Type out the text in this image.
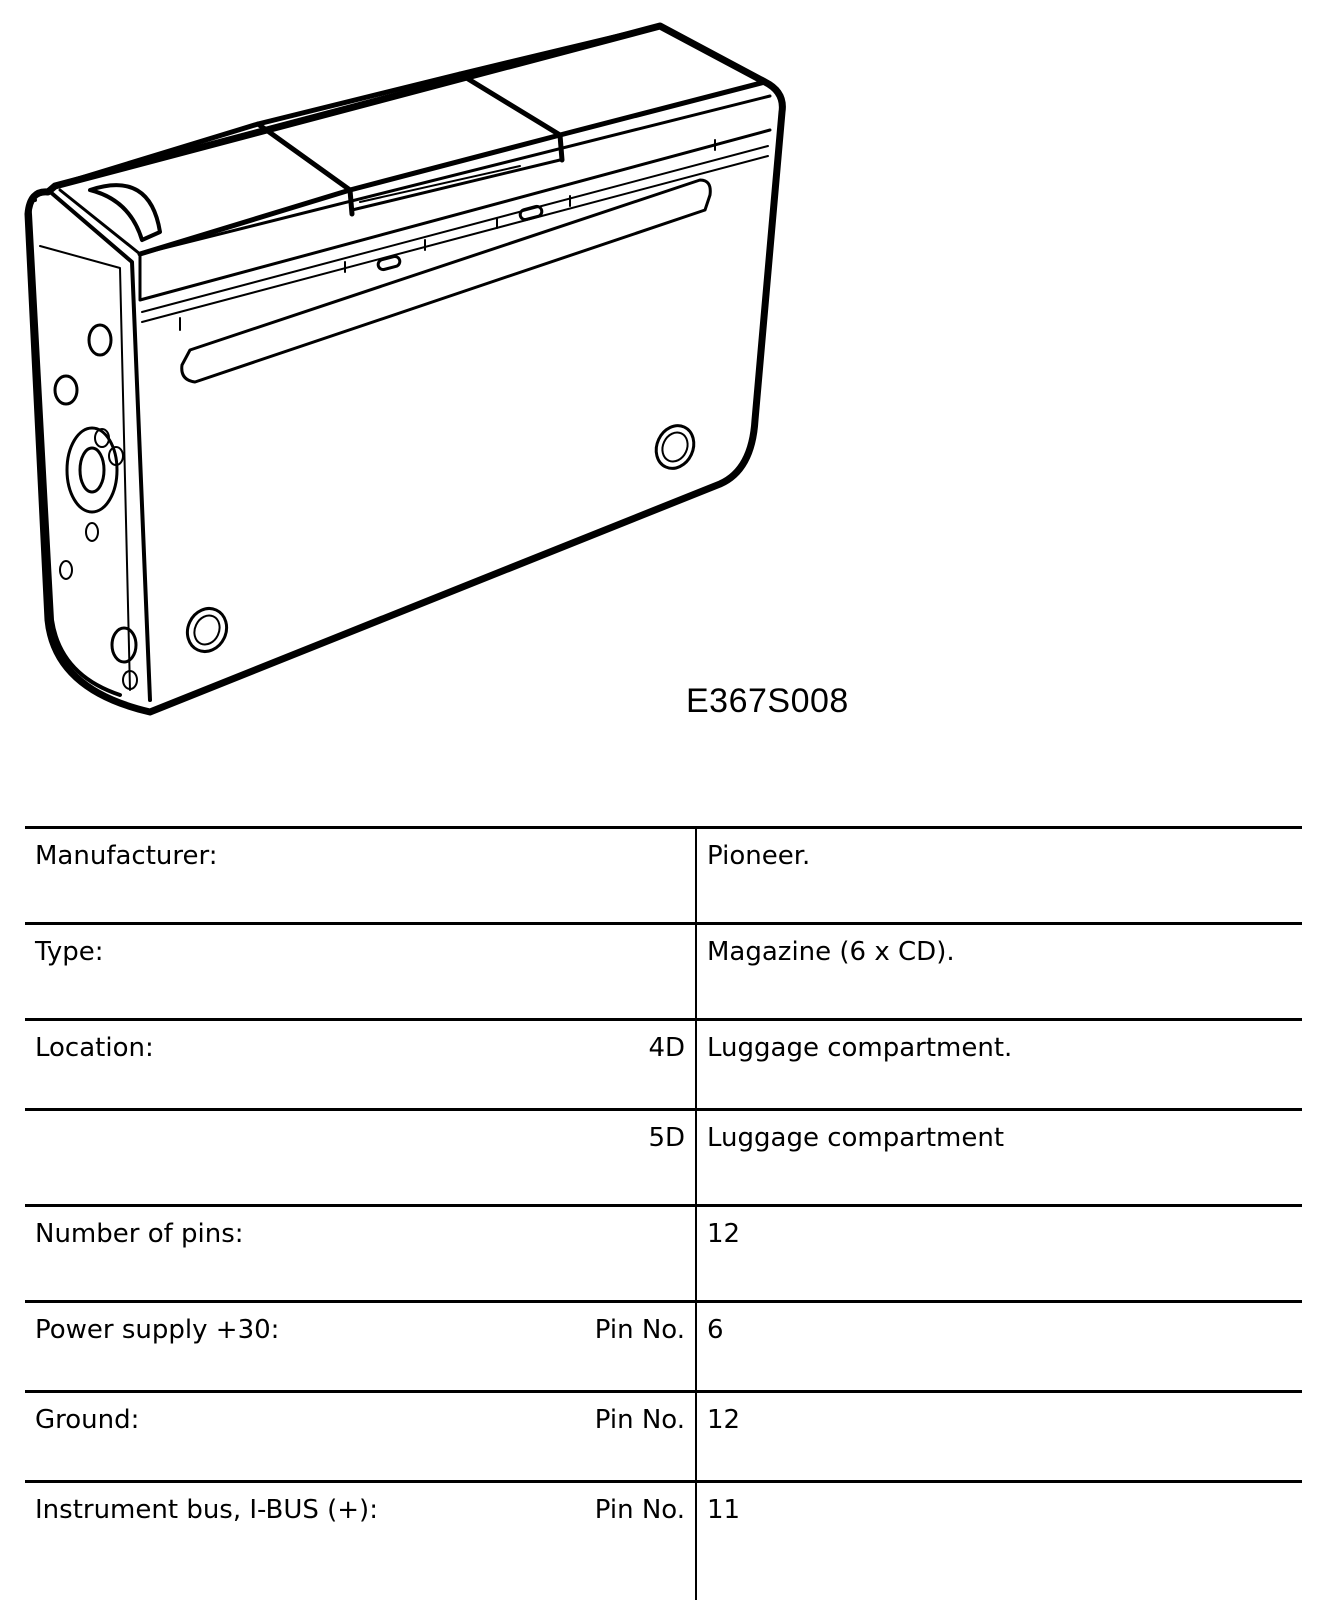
E367S008
Manufacturer:	Pioneer.
Type:	Magazine (6 x CD).
Location:	4D Luggage compartment.
5D Luggage compartment
Number of pins:	12
Power supply +30:	Pin No. 6
Ground:	Pin No. 12
Instrument bus, I-BUS (+):	Pin No. 11
